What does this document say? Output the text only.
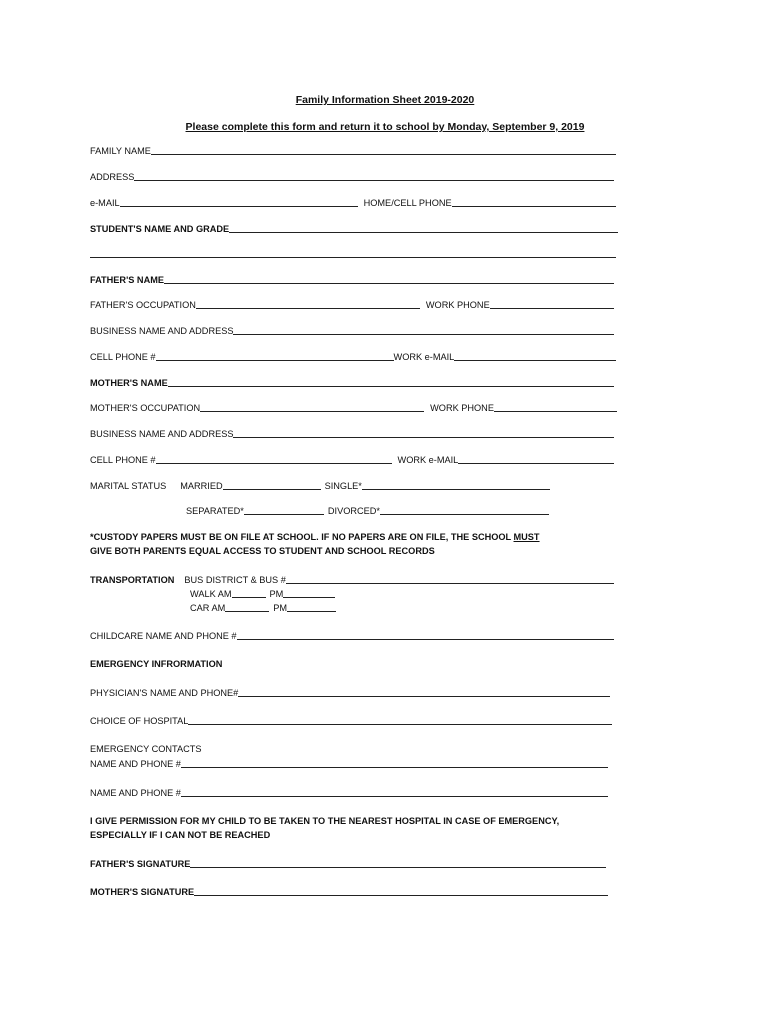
Family Information Sheet 2019-2020
Please complete this form and return it to school by Monday, September 9, 2019
FAMILY NAME
ADDRESS
e-MAIL	HOME/CELL PHONE
STUDENT'S NAME AND GRADE
FATHER'S NAME
FATHER'S OCCUPATION	WORK PHONE
BUSINESS NAME AND ADDRESS
CELL PHONE #	WORK e-MAIL
MOTHER'S NAME
MOTHER'S OCCUPATION	WORK PHONE
BUSINESS NAME AND ADDRESS
CELL PHONE #	WORK e-MAIL
MARITAL STATUS MARRIED	SINGLE*
SEPARATED*	DIVORCED*
*CUSTODY PAPERS MUST BE ON FILE AT SCHOOL. IF NO PAPERS ARE ON FILE, THE SCHOOL MUST
GIVE BOTH PARENTS EQUAL ACCESS TO STUDENT AND SCHOOL RECORDS
TRANSPORTATION BUS DISTRICT & BUS #
WALK AM	PM
CAR AM	PM
CHILDCARE NAME AND PHONE #
EMERGENCY INFRORMATION
PHYSICIAN'S NAME AND PHONE#
CHOICE OF HOSPITAL
EMERGENCY CONTACTS
NAME AND PHONE #
NAME AND PHONE #
I GIVE PERMISSION FOR MY CHILD TO BE TAKEN TO THE NEAREST HOSPITAL IN CASE OF EMERGENCY,
ESPECIALLY IF I CAN NOT BE REACHED
FATHER'S SIGNATURE
MOTHER'S SIGNATURE
